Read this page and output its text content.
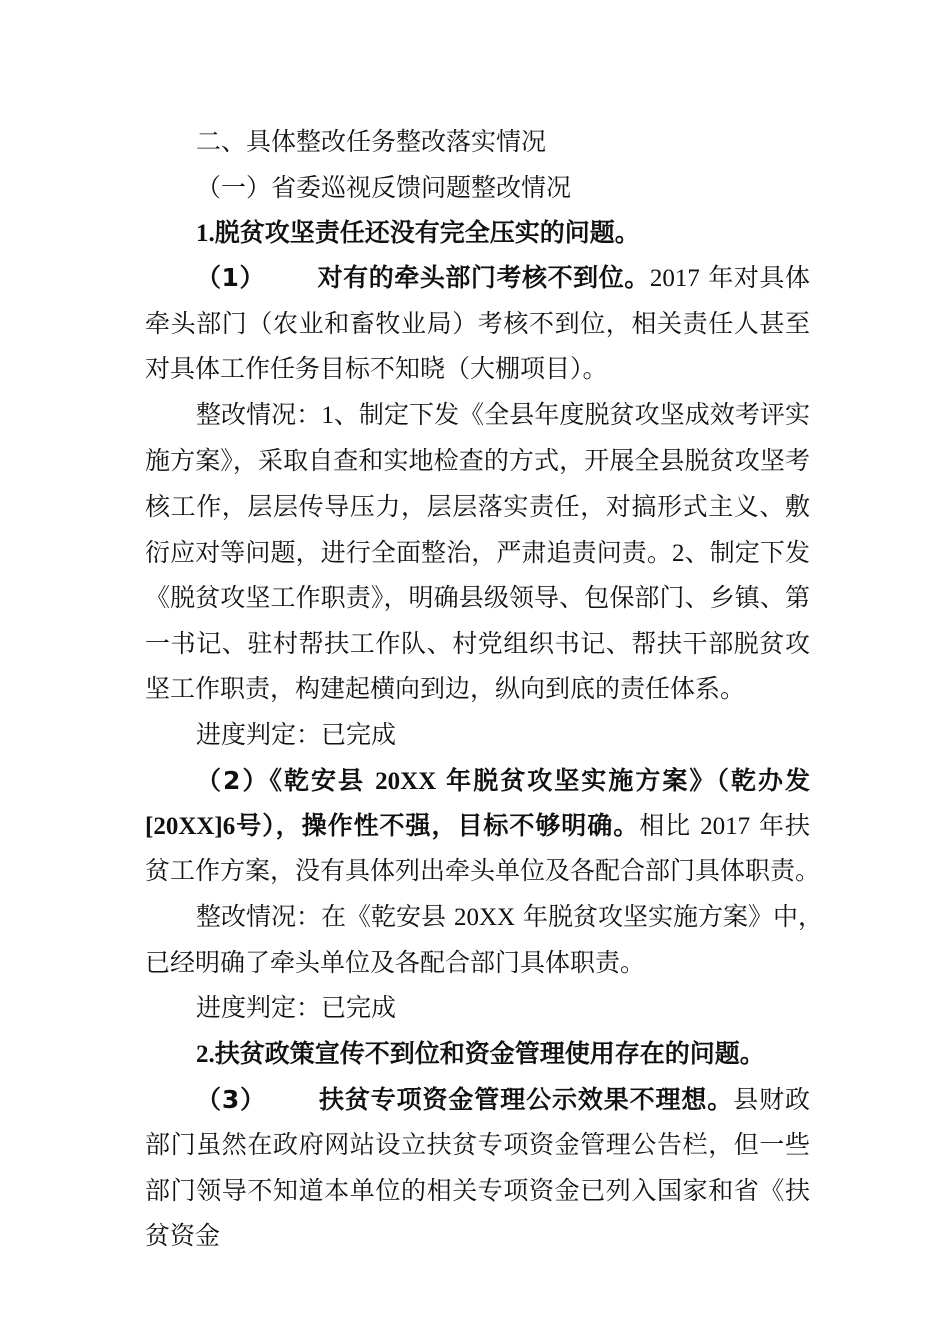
二、具体整改任务整改落实情况
（一）省委巡视反馈问题整改情况
1.脱贫攻坚责任还没有完全压实的问题。
（1） 对有的牵头部门考核不到位。2017 年对具体
牵头部门（农业和畜牧业局）考核不到位，相关责任人甚至
对具体工作任务目标不知晓（大棚项目）。
整改情况：1、制定下发《全县年度脱贫攻坚成效考评实
施方案》，采取自查和实地检查的方式，开展全县脱贫攻坚考
核工作，层层传导压力，层层落实责任，对搞形式主义、敷
衍应对等问题，进行全面整治，严肃追责问责。2、制定下发
《脱贫攻坚工作职责》，明确县级领导、包保部门、乡镇、第
一书记、驻村帮扶工作队、村党组织书记、帮扶干部脱贫攻
坚工作职责，构建起横向到边，纵向到底的责任体系。
进度判定：已完成
（2）《乾安县 20XX 年脱贫攻坚实施方案》（乾办发
[20XX]6号），操作性不强，目标不够明确。相比 2017 年扶
贫工作方案，没有具体列出牵头单位及各配合部门具体职责。
整改情况：在《乾安县 20XX 年脱贫攻坚实施方案》中，
已经明确了牵头单位及各配合部门具体职责。
进度判定：已完成
2.扶贫政策宣传不到位和资金管理使用存在的问题。
（3） 扶贫专项资金管理公示效果不理想。县财政
部门虽然在政府网站设立扶贫专项资金管理公告栏，但一些
部门领导不知道本单位的相关专项资金已列入国家和省《扶
贫资金
